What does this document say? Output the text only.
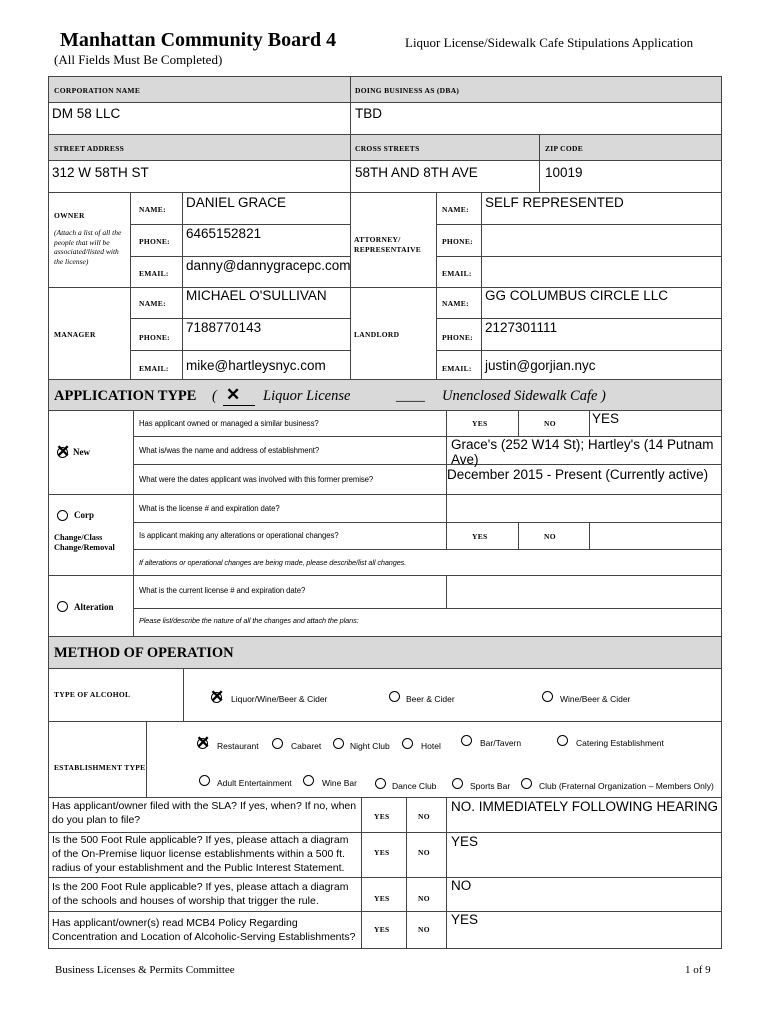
Manhattan Community Board 4
(All Fields Must Be Completed)
Liquor License/Sidewalk Cafe Stipulations Application
CORPORATION NAME
DM 58 LLC
DOING BUSINESS AS (DBA)
TBD
STREET ADDRESS
312 W 58TH ST
CROSS STREETS
58TH AND 8TH AVE
ZIP CODE
10019
OWNER
(Attach a list of all the people that will be associated/listed with the license)
NAME: DANIEL GRACE
PHONE:
6465152821
EMAIL:
danny@dannygracepc.com
ATTORNEY/ REPRESENTAIVE
NAME: SELF REPRESENTED
PHONE:
EMAIL:
MANAGER
NAME:
MICHAEL O'SULLIVAN
PHONE:
7188770143
EMAIL: mike@hartleysnyc.com
LANDLORD
NAME:
GG COLUMBUS CIRCLE LLC
PHONE:
2127301111
EMAIL: justin@gorjian.nyc
APPLICATION TYPE ( ✕ Liquor License	____ Unenclosed Sidewalk Cafe )
✕ New
Has applicant owned or managed a similar business?	YES	NO	YES
What is/was the name and address of establishment?	Grace's (252 W14 St); Hartley's (14 Putnam Ave)
What were the dates applicant was involved with this former premise?	December 2015 - Present (Currently active)
Corp
Change/Class Change/Removal
What is the license # and expiration date?
Is applicant making any alterations or operational changes?	YES	NO
If alterations or operational changes are being made, please describe/list all changes.
Alteration
What is the current license # and expiration date?
Please list/describe the nature of all the changes and attach the plans:
METHOD OF OPERATION
TYPE OF ALCOHOL	✕ Liquor/Wine/Beer & Cider	Beer & Cider	Wine/Beer & Cider
ESTABLISHMENT TYPE
✕ Restaurant	Cabaret	Night Club	Hotel	Bar/Tavern	Catering Establishment
Adult Entertainment	Wine Bar	Dance Club	Sports Bar	Club (Fraternal Organization – Members Only)
Has applicant/owner filed with the SLA? If yes, when? If no, when do you plan to file?	YES	NO
NO. IMMEDIATELY FOLLOWING HEARING
Is the 500 Foot Rule applicable? If yes, please attach a diagram of the On-Premise liquor license establishments within a 500 ft. radius of your establishment and the Public Interest Statement.
YES	NO
YES
Is the 200 Foot Rule applicable? If yes, please attach a diagram of the schools and houses of worship that trigger the rule.	YES	NO
NO
Has applicant/owner(s) read MCB4 Policy Regarding Concentration and Location of Alcoholic-Serving Establishments?
YES	NO
YES
Business Licenses & Permits Committee	1 of 9
